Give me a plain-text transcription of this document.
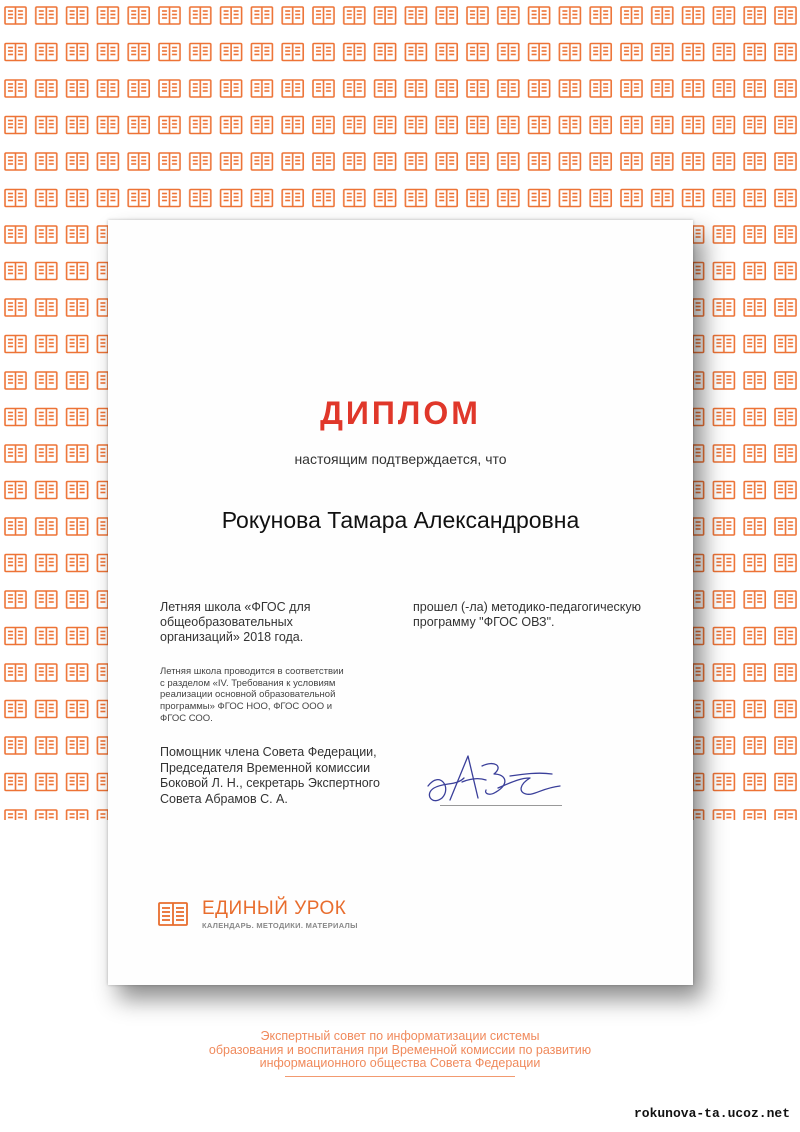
ДИПЛОМ
настоящим подтверждается, что
Рокунова Тамара Александровна
Летняя школа «ФГОС для
общеобразовательных
организаций» 2018 года.
прошел (-ла) методико-педагогическую
программу "ФГОС ОВЗ".
Летняя школа проводится в соответствии
с разделом «IV. Требования к условиям
реализации основной образовательной
программы» ФГОС НОО, ФГОС ООО и
ФГОС СОО.
Помощник члена Совета Федерации,
Председателя Временной комиссии
Боковой Л. Н., секретарь Экспертного
Совета Абрамов С. А.
ЕДИНЫЙ УРОК
КАЛЕНДАРЬ. МЕТОДИКИ. МАТЕРИАЛЫ
Экспертный совет по информатизации системы
образования и воспитания при Временной комиссии по развитию
информационного общества Совета Федерации
rokunova-ta.ucoz.net
